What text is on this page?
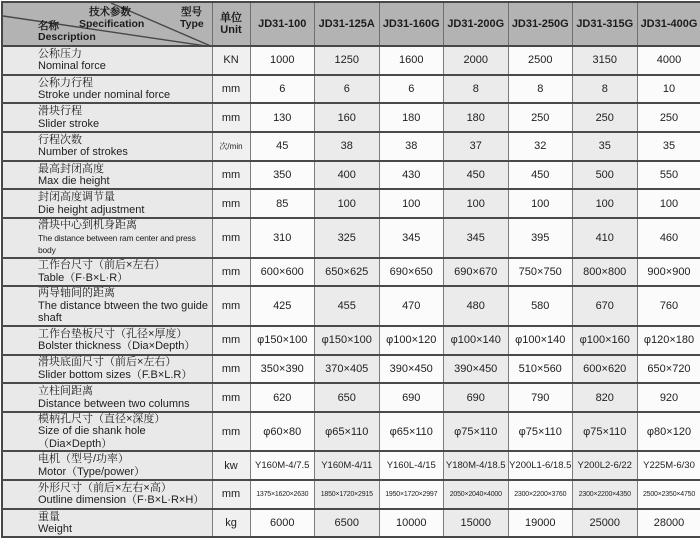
技术参数
Specification
型号
Type
名称
Description

单位
Unit	JD31-100	JD31-125A	JD31-160G	JD31-200G	JD31-250G	JD31-315G	JD31-400G

公称压力
Nominal force	KN	1000	1250	1600	2000	2500	3150	4000

公称力行程
Stroke under nominal force	mm	6	6	6	8	8	8	10

滑块行程
Slider stroke	mm	130	160	180	180	250	250	250

行程次数
Number of strokes	次/min	45	38	38	37	32	35	35

最高封闭高度
Max die height	mm	350	400	430	450	450	500	550

封闭高度调节量
Die height adjustment	mm	85	100	100	100	100	100	100

滑块中心到机身距离
The distance between ram center and press body	mm	310	325	345	345	395	410	460

工作台尺寸（前后×左右）
Table（F·B×L·R）	mm	600×600	650×625	690×650	690×670	750×750	800×800	900×900

两导轴间的距离
The distance btween the two guide shaft	mm	425	455	470	480	580	670	760

工作台垫板尺寸（孔径×厚度）
Bolster thickness（Dia×Depth）	mm	φ150×100	φ150×100	φ100×120	φ100×140	φ100×140	φ100×160	φ120×180

滑块底面尺寸（前后×左右）
Slider bottom sizes（F.B×L.R）	mm	350×390	370×405	390×450	390×450	510×560	600×620	650×720

立柱间距离
Distance between two columns	mm	620	650	690	690	790	820	920

模柄孔尺寸（直径×深度）
Size of die shank hole（Dia×Depth）	mm	φ60×80	φ65×110	φ65×110	φ75×110	φ75×110	φ75×110	φ80×120

电机（型号/功率）
Motor（Type/power）	kw	Y160M-4/7.5	Y160M-4/11	Y160L-4/15	Y180M-4/18.5	Y200L1-6/18.5	Y200L2-6/22	Y225M-6/30

外形尺寸（前后×左右×高）
Outline dimension（F·B×L·R×H）	mm	1375×1620×2630	1850×1720×2915	1950×1720×2997	2050×2040×4000	2300×2200×3760	2300×2200×4350	2500×2350×4750

重量
Weight	kg	6000	6500	10000	15000	19000	25000	28000
